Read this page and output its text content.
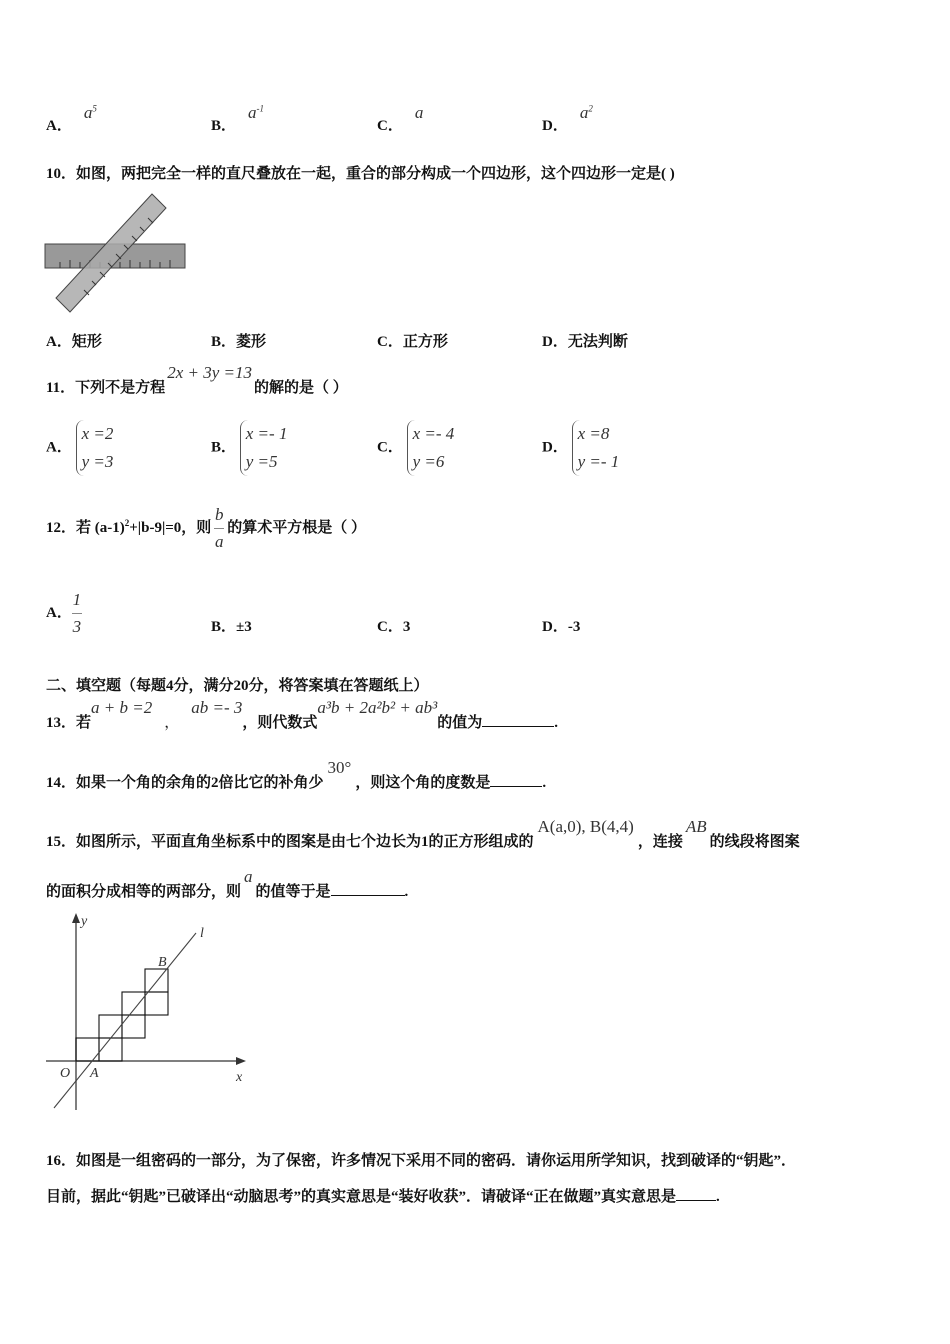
A．$a^5$
B．$a^{-1}$
C．a
D．$a^2$
10．如图，两把完全一样的直尺叠放在一起，重合的部分构成一个四边形，这个四边形一定是( )
A．矩形	B．菱形	C．正方形	D．无法判断
11．下列不是方程2x + 3y =13的解的是（ ）
A．
x =2
y =3
B．
x =- 1
y =5
C．
x =- 4
y =6
D．
x =8
y =- 1
12．若 $(a-1)^2+|b-9|=0$，则 $\frac{b}{a}$ 的算术平方根是（ ）
A． $\frac{1}{3}$	B．±3	C．3	D．-3
二、填空题（每题4分，满分20分，将答案填在答题纸上）
13．若a + b =2，ab =- 3，则代数式a³b + 2a²b² + ab³的值为	.
14．如果一个角的余角的2倍比它的补角少30°，则这个角的度数是	.
15．如图所示，平面直角坐标系中的图案是由七个边长为1的正方形组成的A(a,0), B(4,4)，连接AB的线段将图案
的面积分成相等的两部分，则a的值等于是	.
y
x
O A
B
l
16．如图是一组密码的一部分，为了保密，许多情况下采用不同的密码．请你运用所学知识，找到破译的“钥匙”．
目前，据此“钥匙”已破译出“动脑思考”的真实意思是“装好收获”．请破译“正在做题”真实意思是	.
